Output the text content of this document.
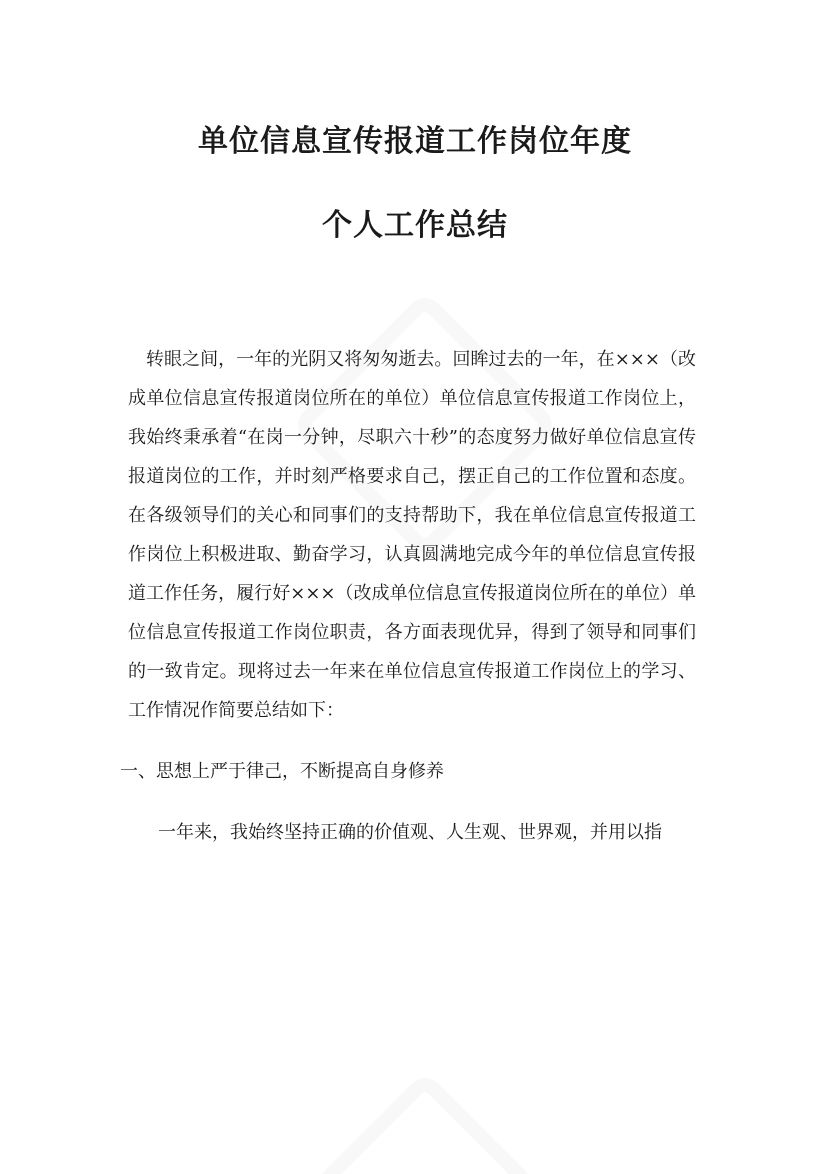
单位信息宣传报道工作岗位年度
个人工作总结

转眼之间，一年的光阴又将匆匆逝去。回眸过去的一年，在×××（改成单位信息宣传报道岗位所在的单位）单位信息宣传报道工作岗位上，我始终秉承着“在岗一分钟，尽职六十秒”的态度努力做好单位信息宣传报道岗位的工作，并时刻严格要求自己，摆正自己的工作位置和态度。在各级领导们的关心和同事们的支持帮助下，我在单位信息宣传报道工作岗位上积极进取、勤奋学习，认真圆满地完成今年的单位信息宣传报道工作任务，履行好×××（改成单位信息宣传报道岗位所在的单位）单位信息宣传报道工作岗位职责，各方面表现优异，得到了领导和同事们的一致肯定。现将过去一年来在单位信息宣传报道工作岗位上的学习、工作情况作简要总结如下：

一、思想上严于律己，不断提高自身修养

一年来，我始终坚持正确的价值观、人生观、世界观，并用以指
